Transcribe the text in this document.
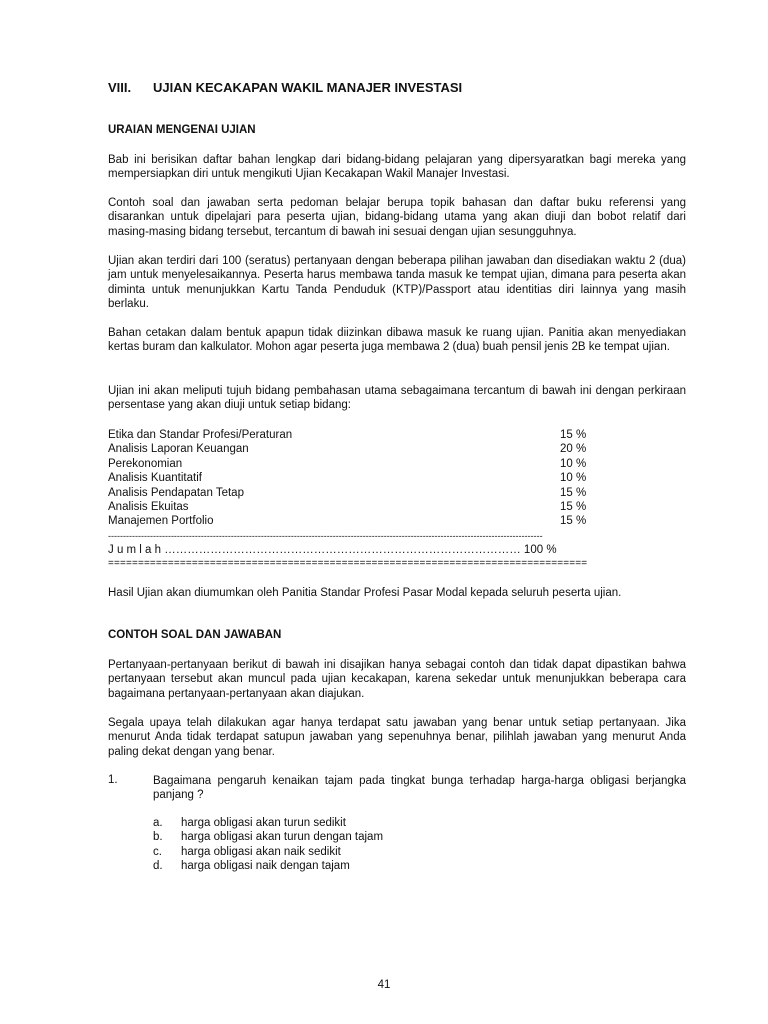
VIII. UJIAN KECAKAPAN WAKIL MANAJER INVESTASI
URAIAN MENGENAI UJIAN
Bab ini berisikan daftar bahan lengkap dari bidang-bidang pelajaran yang dipersyaratkan bagi mereka yang mempersiapkan diri untuk mengikuti Ujian Kecakapan Wakil Manajer Investasi.
Contoh soal dan jawaban serta pedoman belajar berupa topik bahasan dan daftar buku referensi yang disarankan untuk dipelajari para peserta ujian, bidang-bidang utama yang akan diuji dan bobot relatif dari masing-masing bidang tersebut, tercantum di bawah ini sesuai dengan ujian sesungguhnya.
Ujian akan terdiri dari 100 (seratus) pertanyaan dengan beberapa pilihan jawaban dan disediakan waktu 2 (dua) jam untuk menyelesaikannya. Peserta harus membawa tanda masuk ke tempat ujian, dimana para peserta akan diminta untuk menunjukkan Kartu Tanda Penduduk (KTP)/Passport atau identitias diri lainnya yang masih berlaku.
Bahan cetakan dalam bentuk apapun tidak diizinkan dibawa masuk ke ruang ujian. Panitia akan menyediakan kertas buram dan kalkulator. Mohon agar peserta juga membawa 2 (dua) buah pensil jenis 2B ke tempat ujian.
Ujian ini akan meliputi tujuh bidang pembahasan utama sebagaimana tercantum di bawah ini dengan perkiraan persentase yang akan diuji untuk setiap bidang:
Etika dan Standar Profesi/Peraturan	15 %
Analisis Laporan Keuangan	20 %
Perekonomian	10 %
Analisis Kuantitatif	10 %
Analisis Pendapatan Tetap	15 %
Analisis Ekuitas	15 %
Manajemen Portfolio	15 %
-------------------------------------------------------------------------------------------------------------------------------------------------
J u m l a h ………………………………………………………………………………… 100 %
================================================================================
Hasil Ujian akan diumumkan oleh Panitia Standar Profesi Pasar Modal kepada seluruh peserta ujian.
CONTOH SOAL DAN JAWABAN
Pertanyaan-pertanyaan berikut di bawah ini disajikan hanya sebagai contoh dan tidak dapat dipastikan bahwa pertanyaan tersebut akan muncul pada ujian kecakapan, karena sekedar untuk menunjukkan beberapa cara bagaimana pertanyaan-pertanyaan akan diajukan.
Segala upaya telah dilakukan agar hanya terdapat satu jawaban yang benar untuk setiap pertanyaan. Jika menurut Anda tidak terdapat satupun jawaban yang sepenuhnya benar, pilihlah jawaban yang menurut Anda paling dekat dengan yang benar.
1.	Bagaimana pengaruh kenaikan tajam pada tingkat bunga terhadap harga-harga obligasi berjangka panjang ?
a. harga obligasi akan turun sedikit
b. harga obligasi akan turun dengan tajam
c. harga obligasi akan naik sedikit
d. harga obligasi naik dengan tajam
41
